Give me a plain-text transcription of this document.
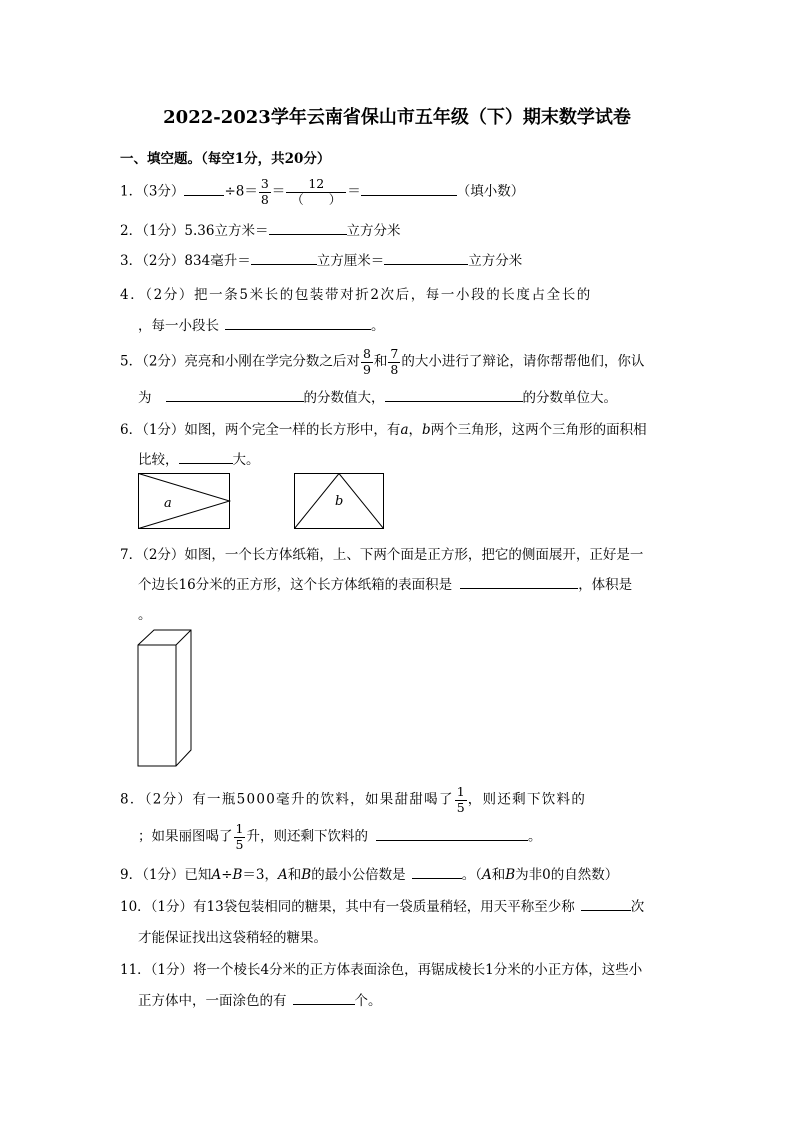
2022-2023学年云南省保山市五年级（下）期末数学试卷
一、填空题。（每空1分，共20分）
1．（3分）	$\div 8= \frac{3}{8} = \frac{12}{( )}$ ＝	（填小数）
2．（1分）5.36立方米＝	立方分米
3．（2分）834毫升＝	立方厘米＝	立方分米
4．（2分）把一条5米长的包装带对折2次后，每一小段的长度占全长的
，每一小段长	。
5．（2分）亮亮和小刚在学完分数之后对 $\frac{8}{9}$ 和 $\frac{7}{8}$ 的大小进行了辩论，请你帮帮他们，你认
为	的分数值大，	的分数单位大。
6．（1分）如图，两个完全一样的长方形中，有a，b两个三角形，这两个三角形的面积相
比较，	大。
a	b
7．（2分）如图，一个长方体纸箱，上、下两个面是正方形，把它的侧面展开，正好是一
个边长16分米的正方形，这个长方体纸箱的表面积是	，体积是
。
8．（2分）有一瓶5000毫升的饮料，如果甜甜喝了 $\frac{1}{5}$ ，则还剩下饮料的
；如果丽图喝了 $\frac{1}{5}$ 升，则还剩下饮料的	。
9．（1分）已知A÷B＝3，A和B的最小公倍数是	。（A和B为非0的自然数）
10．（1分）有13袋包装相同的糖果，其中有一袋质量稍轻，用天平称至少称	次
才能保证找出这袋稍轻的糖果。
11．（1分）将一个棱长4分米的正方体表面涂色，再锯成棱长1分米的小正方体，这些小
正方体中，一面涂色的有	个。
